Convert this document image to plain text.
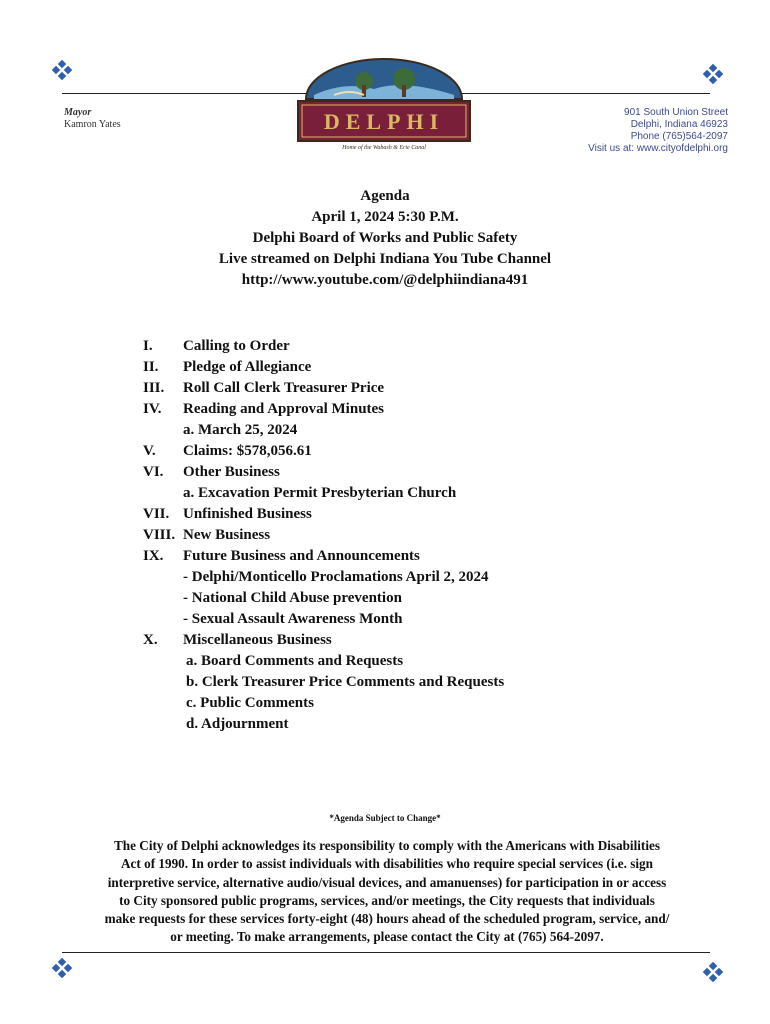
Mayor
Kamron Yates	DELPHI
Home of the Wabash & Erie Canal
901 South Union Street
Delphi, Indiana 46923
Phone (765)564-2097
Visit us at: www.cityofdelphi.org
Agenda
April 1, 2024 5:30 P.M.
Delphi Board of Works and Public Safety
Live streamed on Delphi Indiana You Tube Channel
http://www.youtube.com/@delphiindiana491
I. Calling to Order
II. Pledge of Allegiance
III. Roll Call Clerk Treasurer Price
IV. Reading and Approval Minutes
a. March 25, 2024
V. Claims: $578,056.61
VI. Other Business
a. Excavation Permit Presbyterian Church
VII. Unfinished Business
VIII. New Business
IX. Future Business and Announcements
- Delphi/Monticello Proclamations April 2, 2024
- National Child Abuse prevention
- Sexual Assault Awareness Month
X. Miscellaneous Business
a. Board Comments and Requests
b. Clerk Treasurer Price Comments and Requests
c. Public Comments
d. Adjournment
*Agenda Subject to Change*
The City of Delphi acknowledges its responsibility to comply with the Americans with Disabilities
Act of 1990. In order to assist individuals with disabilities who require special services (i.e. sign
interpretive service, alternative audio/visual devices, and amanuenses) for participation in or access
to City sponsored public programs, services, and/or meetings, the City requests that individuals
make requests for these services forty-eight (48) hours ahead of the scheduled program, service, and/
or meeting. To make arrangements, please contact the City at (765) 564-2097.
